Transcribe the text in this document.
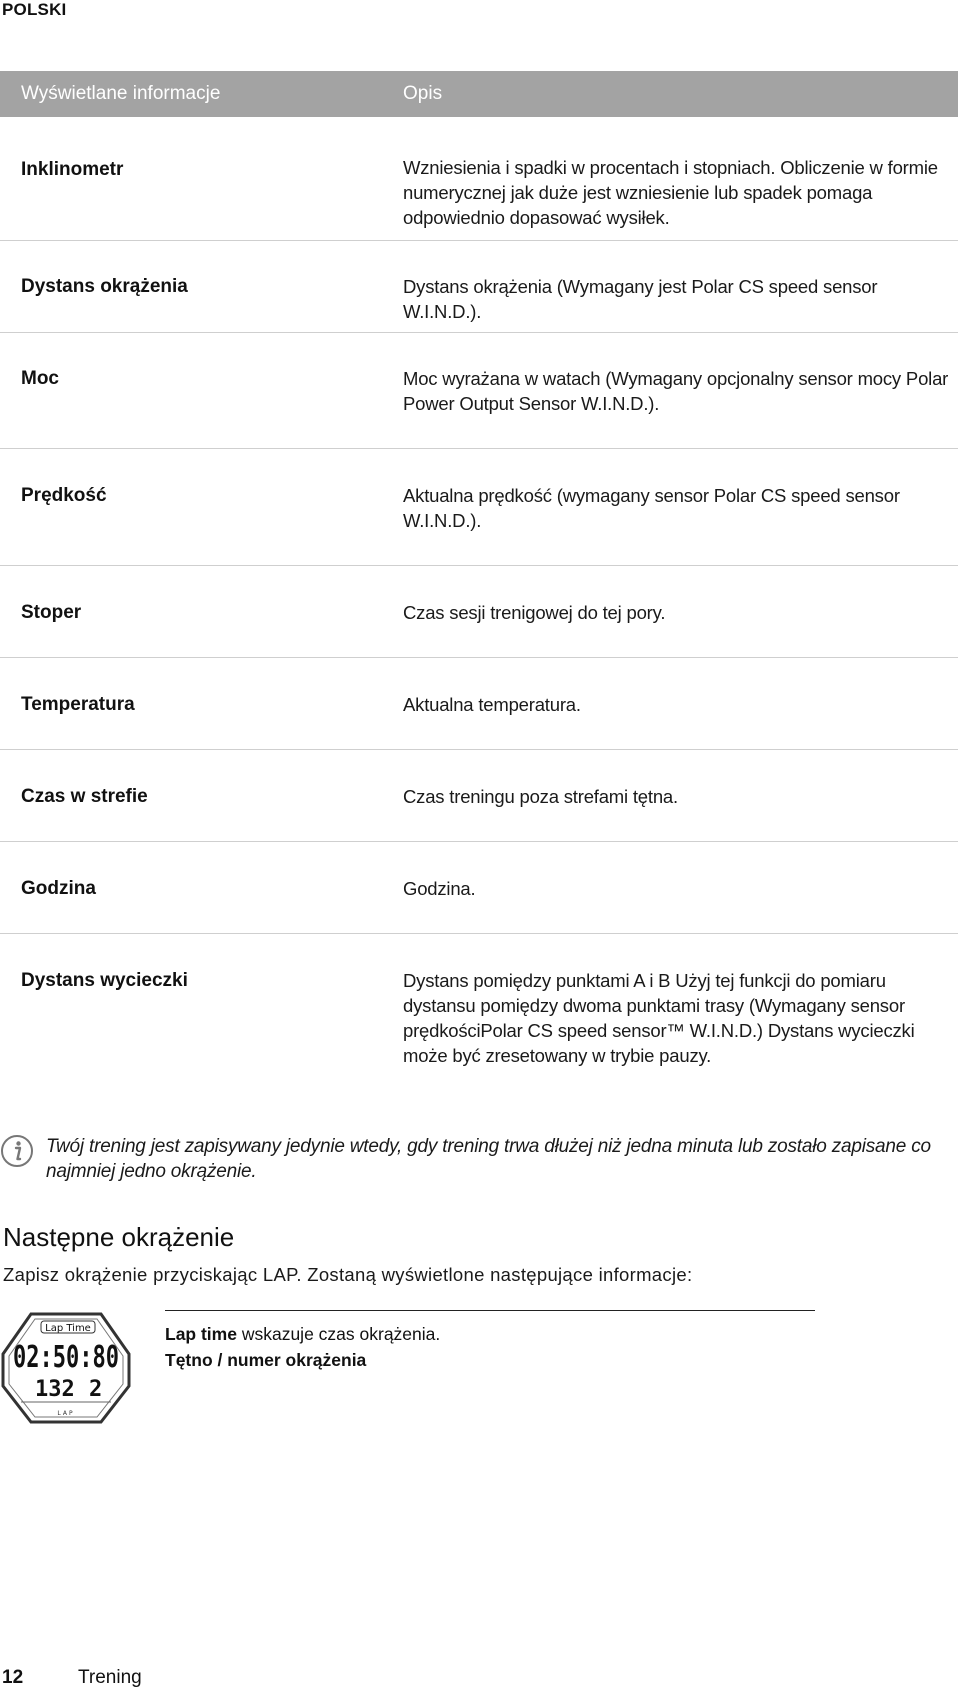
POLSKI
Wyświetlane informacje	Opis
Inklinometr	Wzniesienia i spadki w procentach i stopniach. Obliczenie w formie numerycznej jak duże jest wzniesienie lub spadek pomaga odpowiednio dopasować wysiłek.
Dystans okrążenia	Dystans okrążenia (Wymagany jest Polar CS speed sensor W.I.N.D.).
Moc	Moc wyrażana w watach (Wymagany opcjonalny sensor mocy Polar Power Output Sensor W.I.N.D.).
Prędkość	Aktualna prędkość (wymagany sensor Polar CS speed sensor W.I.N.D.).
Stoper	Czas sesji trenigowej do tej pory.
Temperatura	Aktualna temperatura.
Czas w strefie	Czas treningu poza strefami tętna.
Godzina	Godzina.
Dystans wycieczki	Dystans pomiędzy punktami A i B Użyj tej funkcji do pomiaru dystansu pomiędzy dwoma punktami trasy (Wymagany sensor prędkościPolar CS speed sensor™ W.I.N.D.) Dystans wycieczki może być zresetowany w trybie pauzy.
Twój trening jest zapisywany jedynie wtedy, gdy trening trwa dłużej niż jedna minuta lub zostało zapisane co najmniej jedno okrążenie.
Następne okrążenie
Zapisz okrążenie przyciskając LAP. Zostaną wyświetlone następujące informacje:
Lap Time
02:50:80
132 2
LAP
Lap time wskazuje czas okrążenia.
Tętno / numer okrążenia
12	Trening
